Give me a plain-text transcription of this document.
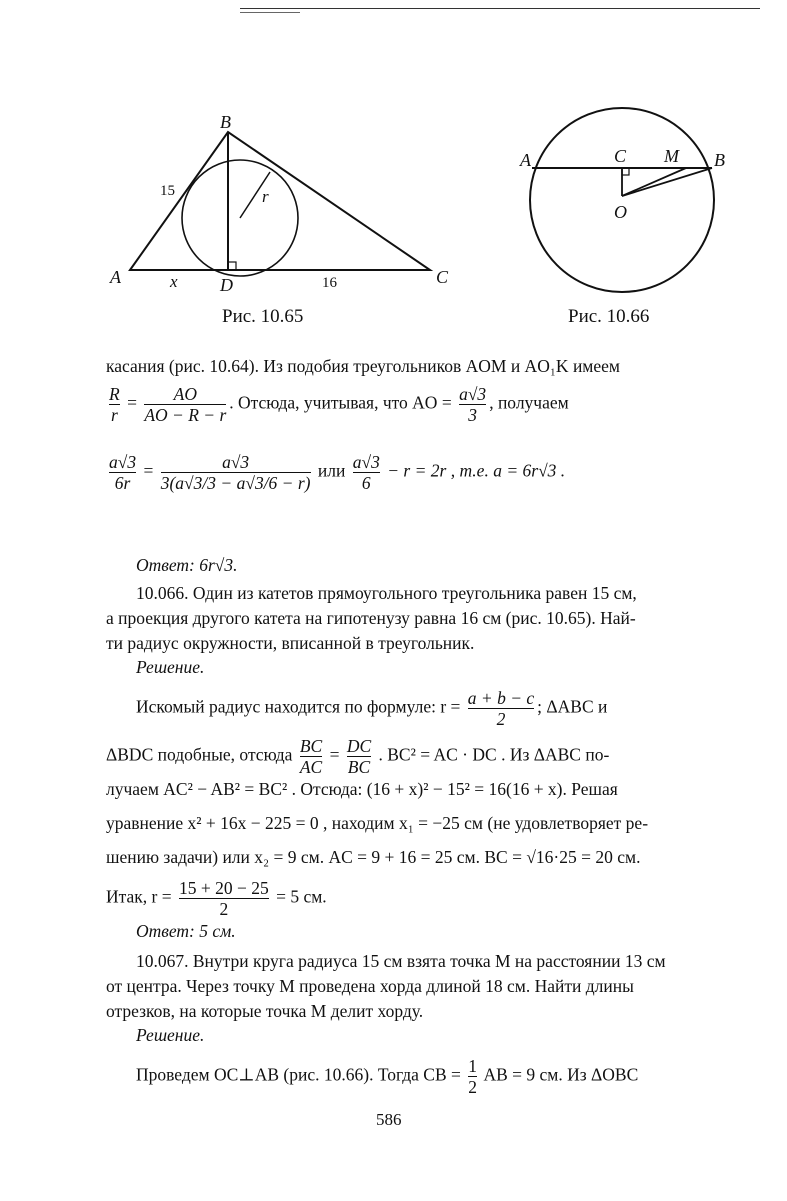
B
A	C
D
x
r
15
16
Рис. 10.65
A	C M B
O
Рис. 10.66
касания (рис. 10.64). Из подобия треугольников AOM и AO₁K имеем
$\frac{R}{r} = \frac{AO}{AO - R - r}$ . Отсюда, учитывая, что AO = $\frac{a√3}{3}$ , получаем
$\frac{a√3}{6r} = \frac{a√3}{3(a√3/3 - a√3/6 - r)}$ или $\frac{a√3}{6} - r = 2r$ , т.е. a = 6r√3 .
Ответ: 6r√3.
10.066. Один из катетов прямоугольного треугольника равен 15 см,
а проекция другого катета на гипотенузу равна 16 см (рис. 10.65). Най-
ти радиус окружности, вписанной в треугольник.
Решение.
Искомый радиус находится по формуле: $r = \frac{a + b - c}{2}$ ; ΔABC и
ΔBDC подобные, отсюда $\frac{BC}{AC} = \frac{DC}{BC}$ . BC² = AC · DC . Из ΔABC по-
лучаем AC² − AB² = BC² . Отсюда: (16 + x)² − 15² = 16(16 + x). Решая
уравнение x² + 16x − 225 = 0 , находим x₁ = −25 см (не удовлетворяет ре-
шению задачи) или x₂ = 9 см. AC = 9 + 16 = 25 см. BC = √16·25 = 20 см.
Итак, $r = \frac{15 + 20 - 25}{2} = 5$ см.
Ответ: 5 см.
10.067. Внутри круга радиуса 15 см взята точка M на расстоянии 13 см
от центра. Через точку M проведена хорда длиной 18 см. Найти длины
отрезков, на которые точка M делит хорду.
Решение.
Проведем OC⊥AB (рис. 10.66). Тогда CB = $\frac{1}{2}$ AB = 9 см. Из ΔOBC
586
